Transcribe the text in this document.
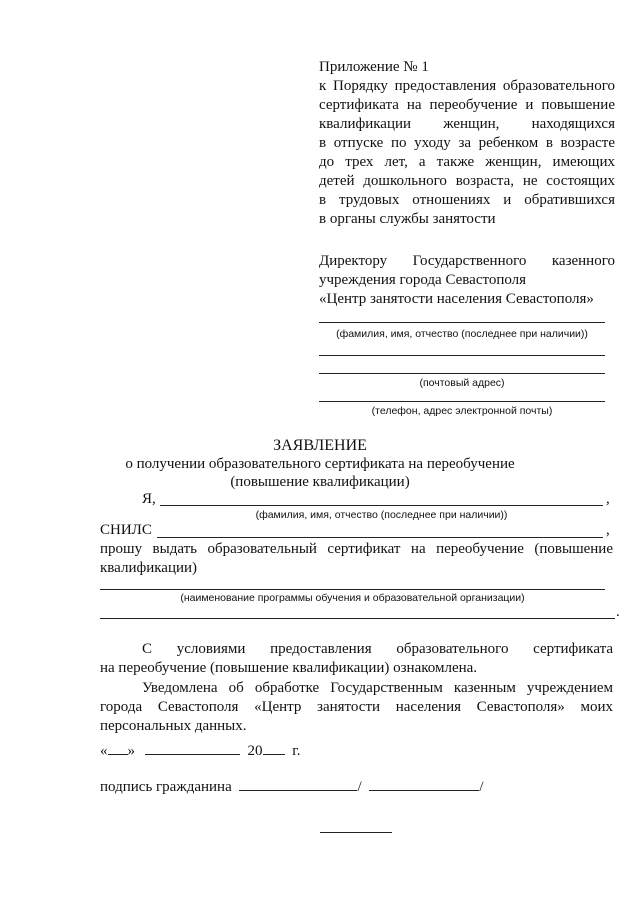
Приложение № 1
к Порядку предоставления образовательного
сертификата на переобучение и повышение
квалификации женщин, находящихся
в отпуске по уходу за ребенком в возрасте
до трех лет, а также женщин, имеющих
детей дошкольного возраста, не состоящих
в трудовых отношениях и обратившихся
в органы службы занятости
Директору Государственного казенного
учреждения города Севастополя
«Центр занятости населения Севастополя»
(фамилия, имя, отчество (последнее при наличии))
(почтовый адрес)
(телефон, адрес электронной почты)
ЗАЯВЛЕНИЕ
о получении образовательного сертификата на переобучение
(повышение квалификации)
Я,	,
(фамилия, имя, отчество (последнее при наличии))
СНИЛС	,
прошу выдать образовательный сертификат на переобучение (повышение
квалификации)
(наименование программы обучения и образовательной организации)
.
С условиями предоставления образовательного сертификата
на переобучение (повышение квалификации) ознакомлена.
Уведомлена об обработке Государственным казенным учреждением
города Севастополя «Центр занятости населения Севастополя» моих
персональных данных.
« »	20 г.
подпись гражданина	/	/
